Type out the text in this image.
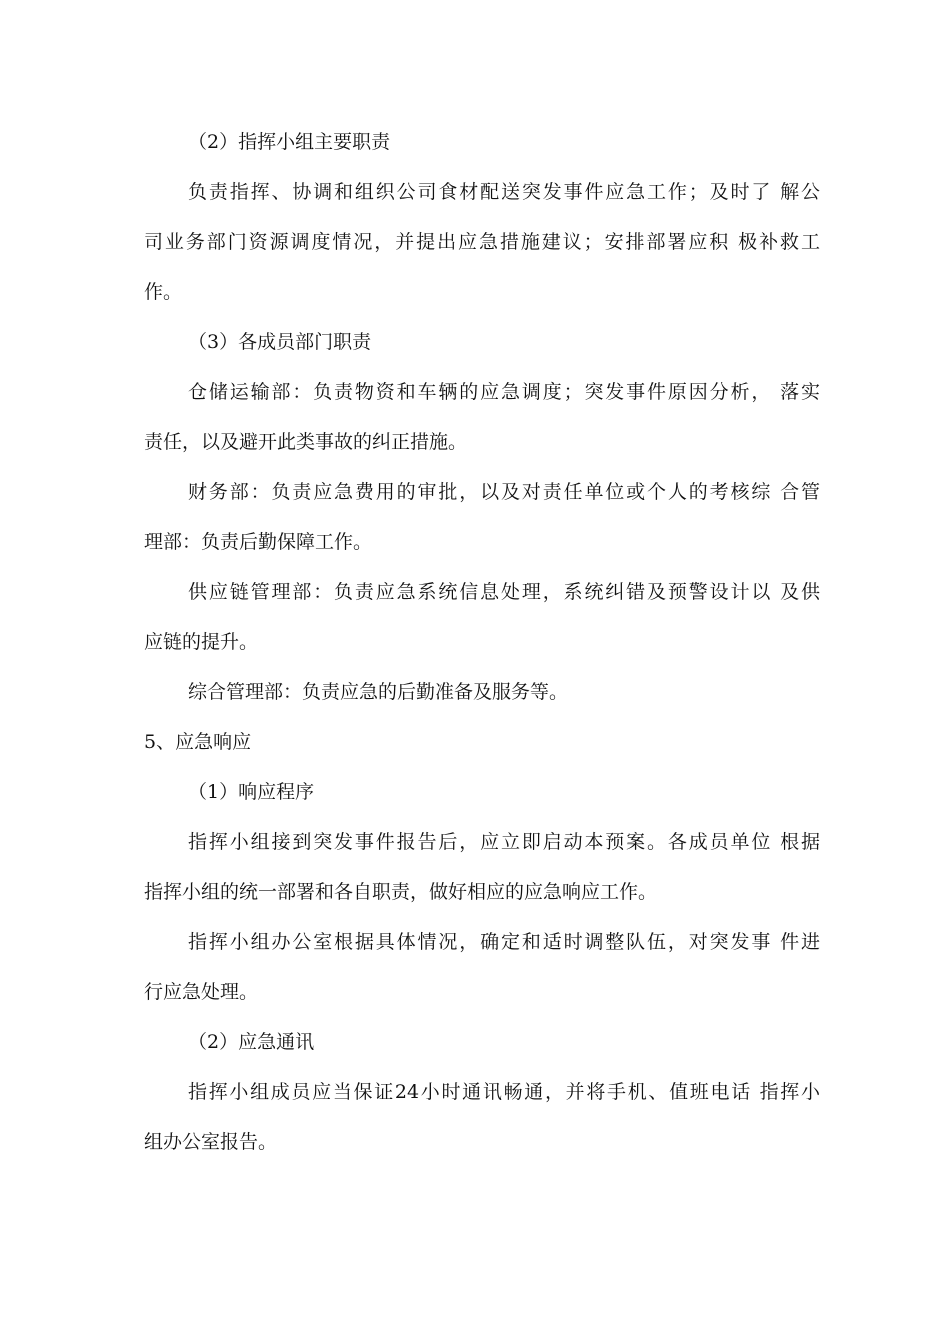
（2）指挥小组主要职责
负责指挥、协调和组织公司食材配送突发事件应急工作；及时了 解公
司业务部门资源调度情况，并提出应急措施建议；安排部署应积 极补救工
作。
（3）各成员部门职责
仓储运输部：负责物资和车辆的应急调度；突发事件原因分析， 落实
责任，以及避开此类事故的纠正措施。
财务部：负责应急费用的审批，以及对责任单位或个人的考核综 合管
理部：负责后勤保障工作。
供应链管理部：负责应急系统信息处理，系统纠错及预警设计以 及供
应链的提升。
综合管理部：负责应急的后勤准备及服务等。
5、应急响应
（1）响应程序
指挥小组接到突发事件报告后，应立即启动本预案。各成员单位 根据
指挥小组的统一部署和各自职责，做好相应的应急响应工作。
指挥小组办公室根据具体情况，确定和适时调整队伍，对突发事 件进
行应急处理。
（2）应急通讯
指挥小组成员应当保证24小时通讯畅通，并将手机、值班电话 指挥小
组办公室报告。
